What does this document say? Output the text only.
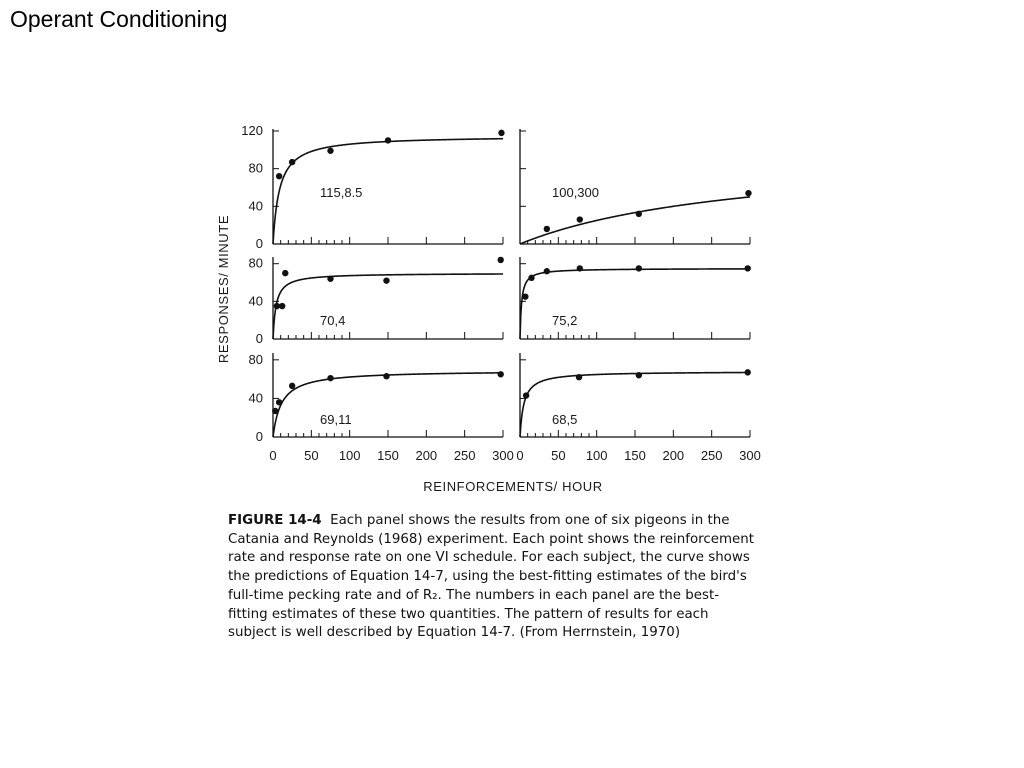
Operant Conditioning
0
40
80
120
115,8.5	100,300
0
40
80
70,4	75,2
0
40
80
69,11	68,5
0 50 100 150 200 250 300 0 50 100 150 200 250 300
REINFORCEMENTS/ HOUR
RESPONSES/ MINUTE

FIGURE 14-4 Each panel shows the results from one of six pigeons in the Catania and Reynolds (1968) experiment. Each point shows the reinforcement rate and response rate on one VI schedule. For each subject, the curve shows the predictions of Equation 14-7, using the best-fitting estimates of the bird's full-time pecking rate and of R₂. The numbers in each panel are the best-fitting estimates of these two quantities. The pattern of results for each subject is well described by Equation 14-7. (From Herrnstein, 1970)
